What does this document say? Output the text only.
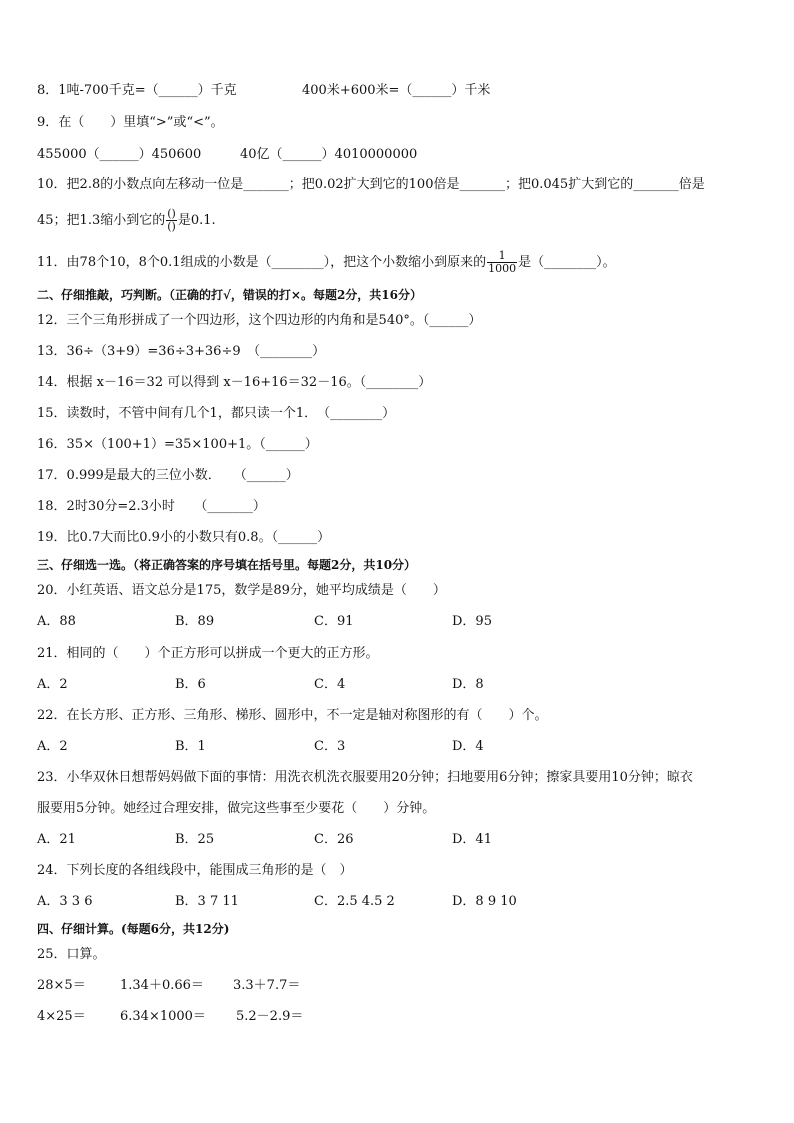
8．1吨-700千克=（______）千克	400米+600米=（______）千米
9．在（　　）里填“>”或“<”。
455000（______）450600	40亿（______）4010000000
10．把2.8的小数点向左移动一位是_______；把0.02扩大到它的100倍是_______；把0.045扩大到它的_______倍是
45；把1.3缩小到它的 $\frac{()}{()}$ 是0.1.
11．由78个10，8个0.1组成的小数是（________），把这个小数缩小到原来的 $\frac{1}{1000}$ 是（________）。
二、仔细推敲，巧判断。（正确的打√，错误的打×。每题2分，共16分）
12．三个三角形拼成了一个四边形，这个四边形的内角和是540°。（______）
13．36÷（3+9）=36÷3+36÷9　（________）
14．根据 x－16＝32 可以得到 x－16+16＝32－16。（________）
15．读数时，不管中间有几个1，都只读一个1．　（________）
16．35×（100+1）=35×100+1。（______）
17．0.999是最大的三位小数．　　（______）
18．2时30分=2.3小时　　（_______）
19．比0.7大而比0.9小的小数只有0.8。（______）
三、仔细选一选。（将正确答案的序号填在括号里。每题2分，共10分）
20．小红英语、语文总分是175，数学是89分，她平均成绩是（　　）
A．88	B．89	C．91	D．95
21．相同的（　　）个正方形可以拼成一个更大的正方形。
A．2	B．6	C．4	D．8
22．在长方形、正方形、三角形、梯形、圆形中，不一定是轴对称图形的有（　　）个。
A．2	B．1	C．3	D．4
23．小华双休日想帮妈妈做下面的事情：用洗衣机洗衣服要用20分钟；扫地要用6分钟；擦家具要用10分钟；晾衣
服要用5分钟。她经过合理安排，做完这些事至少要花（　　）分钟。
A．21	B．25	C．26	D．41
24．下列长度的各组线段中，能围成三角形的是（　）
A．3 3 6	B．3 7 11	C．2.5 4.5 2	D．8 9 10
四、仔细计算。(每题6分，共12分)
25．口算。
28×5＝	1.34＋0.66＝ 3.3＋7.7＝
4×25＝	6.34×1000＝ 5.2－2.9＝
